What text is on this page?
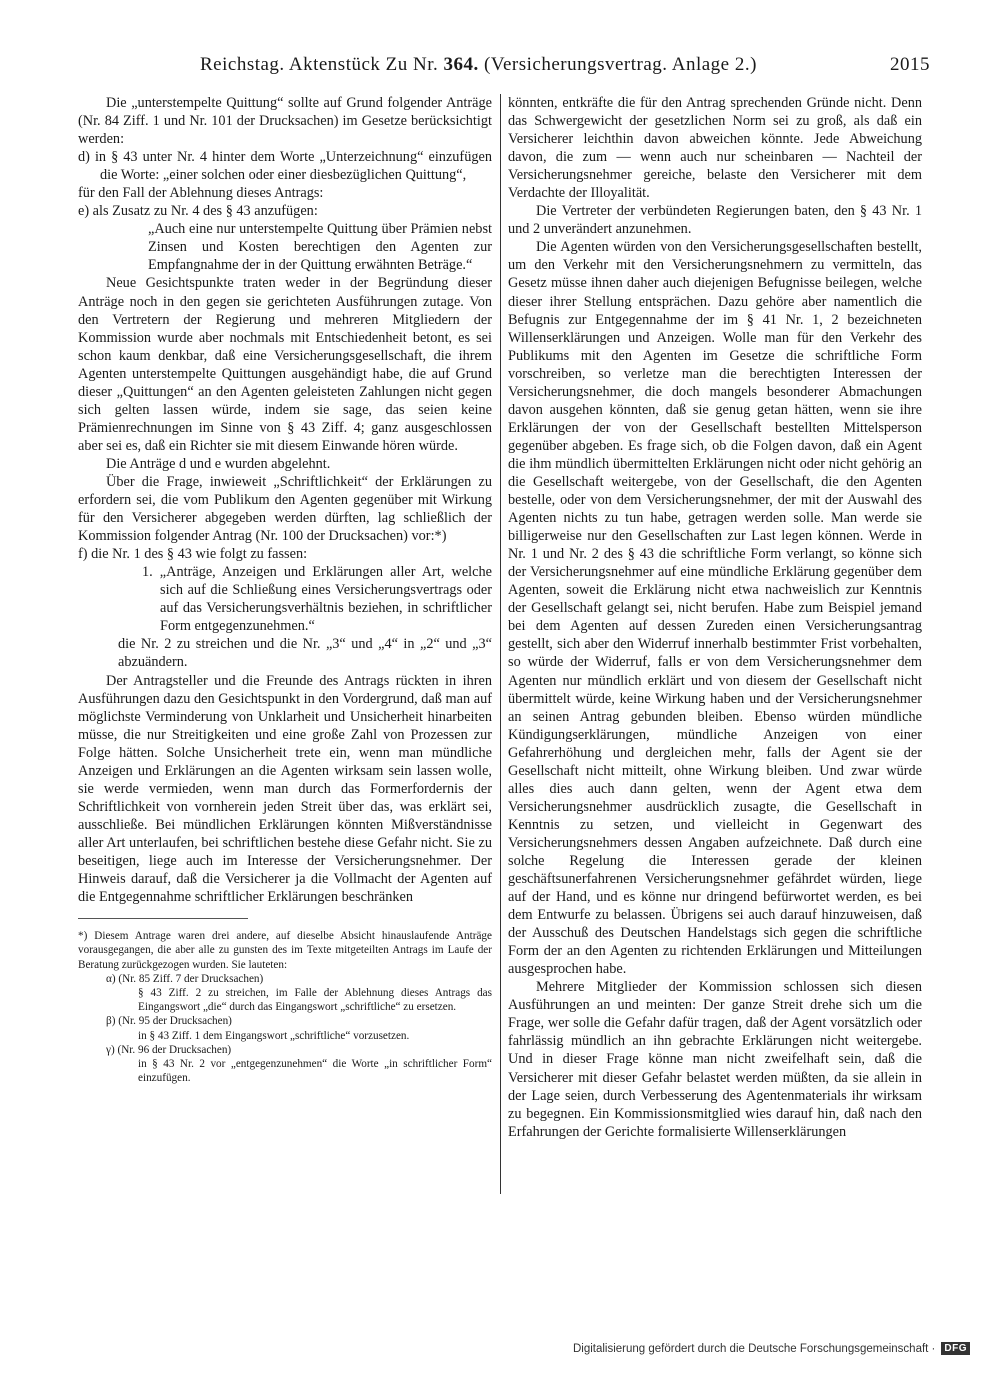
Reichstag. Aktenstück Zu Nr. 364. (Versicherungsvertrag. Anlage 2.)	2015

Die „unterstempelte Quittung“ sollte auf Grund folgender Anträge (Nr. 84 Ziff. 1 und Nr. 101 der Drucksachen) im Gesetze berücksichtigt werden:

d) in § 43 unter Nr. 4 hinter dem Worte „Unterzeichnung“ einzufügen die Worte: „einer solchen oder einer diesbezüglichen Quittung“,

für den Fall der Ablehnung dieses Antrags:

e) als Zusatz zu Nr. 4 des § 43 anzufügen:

„Auch eine nur unterstempelte Quittung über Prämien nebst Zinsen und Kosten berechtigen den Agenten zur Empfangnahme der in der Quittung erwähnten Beträge.“

Neue Gesichtspunkte traten weder in der Begründung dieser Anträge noch in den gegen sie gerichteten Ausführungen zutage. Von den Vertretern der Regierung und mehreren Mitgliedern der Kommission wurde aber nochmals mit Entschiedenheit betont, es sei schon kaum denkbar, daß eine Versicherungsgesellschaft, die ihrem Agenten unterstempelte Quittungen ausgehändigt habe, die auf Grund dieser „Quittungen“ an den Agenten geleisteten Zahlungen nicht gegen sich gelten lassen würde, indem sie sage, das seien keine Prämienrechnungen im Sinne von § 43 Ziff. 4; ganz ausgeschlossen aber sei es, daß ein Richter sie mit diesem Einwande hören würde.

Die Anträge d und e wurden abgelehnt.

Über die Frage, inwieweit „Schriftlichkeit“ der Erklärungen zu erfordern sei, die vom Publikum den Agenten gegenüber mit Wirkung für den Versicherer abgegeben werden dürften, lag schließlich der Kommission folgender Antrag (Nr. 100 der Drucksachen) vor:*)

f) die Nr. 1 des § 43 wie folgt zu fassen:

1. „Anträge, Anzeigen und Erklärungen aller Art, welche sich auf die Schließung eines Versicherungsvertrags oder auf das Versicherungsverhältnis beziehen, in schriftlicher Form entgegenzunehmen.“

die Nr. 2 zu streichen und die Nr. „3“ und „4“ in „2“ und „3“ abzuändern.

Der Antragsteller und die Freunde des Antrags rückten in ihren Ausführungen dazu den Gesichtspunkt in den Vordergrund, daß man auf möglichste Verminderung von Unklarheit und Unsicherheit hinarbeiten müsse, die nur Streitigkeiten und eine große Zahl von Prozessen zur Folge hätten. Solche Unsicherheit trete ein, wenn man mündliche Anzeigen und Erklärungen an die Agenten wirksam sein lassen wolle, sie werde vermieden, wenn man durch das Formerfordernis der Schriftlichkeit von vornherein jeden Streit über das, was erklärt sei, ausschließe. Bei mündlichen Erklärungen könnten Mißverständnisse aller Art unterlaufen, bei schriftlichen bestehe diese Gefahr nicht. Sie zu beseitigen, liege auch im Interesse der Versicherungsnehmer. Der Hinweis darauf, daß die Versicherer ja die Vollmacht der Agenten auf die Entgegennahme schriftlicher Erklärungen beschränken

*) Diesem Antrage waren drei andere, auf dieselbe Absicht hinauslaufende Anträge vorausgegangen, die aber alle zu gunsten des im Texte mitgeteilten Antrags im Laufe der Beratung zurückgezogen wurden. Sie lauteten:

α) (Nr. 85 Ziff. 7 der Drucksachen)

§ 43 Ziff. 2 zu streichen, im Falle der Ablehnung dieses Antrags das Eingangswort „die“ durch das Eingangswort „schriftliche“ zu ersetzen.

β) (Nr. 95 der Drucksachen)

in § 43 Ziff. 1 dem Eingangswort „schriftliche“ vorzusetzen.

γ) (Nr. 96 der Drucksachen)

in § 43 Nr. 2 vor „entgegenzunehmen“ die Worte „in schriftlicher Form“ einzufügen.

könnten, entkräfte die für den Antrag sprechenden Gründe nicht. Denn das Schwergewicht der gesetzlichen Norm sei zu groß, als daß ein Versicherer leichthin davon abweichen könnte. Jede Abweichung davon, die zum — wenn auch nur scheinbaren — Nachteil der Versicherungsnehmer gereiche, belaste den Versicherer mit dem Verdachte der Illoyalität.

Die Vertreter der verbündeten Regierungen baten, den § 43 Nr. 1 und 2 unverändert anzunehmen.

Die Agenten würden von den Versicherungsgesellschaften bestellt, um den Verkehr mit den Versicherungsnehmern zu vermitteln, das Gesetz müsse ihnen daher auch diejenigen Befugnisse beilegen, welche dieser ihrer Stellung entsprächen. Dazu gehöre aber namentlich die Befugnis zur Entgegennahme der im § 41 Nr. 1, 2 bezeichneten Willenserklärungen und Anzeigen. Wolle man für den Verkehr des Publikums mit den Agenten im Gesetze die schriftliche Form vorschreiben, so verletze man die berechtigten Interessen der Versicherungsnehmer, die doch mangels besonderer Abmachungen davon ausgehen könnten, daß sie genug getan hätten, wenn sie ihre Erklärungen der von der Gesellschaft bestellten Mittelsperson gegenüber abgeben. Es frage sich, ob die Folgen davon, daß ein Agent die ihm mündlich übermittelten Erklärungen nicht oder nicht gehörig an die Gesellschaft weitergebe, von der Gesellschaft, die den Agenten bestelle, oder von dem Versicherungsnehmer, der mit der Auswahl des Agenten nichts zu tun habe, getragen werden solle. Man werde sie billigerweise nur den Gesellschaften zur Last legen können. Werde in Nr. 1 und Nr. 2 des § 43 die schriftliche Form verlangt, so könne sich der Versicherungsnehmer auf eine mündliche Erklärung gegenüber dem Agenten, soweit die Erklärung nicht etwa nachweislich zur Kenntnis der Gesellschaft gelangt sei, nicht berufen. Habe zum Beispiel jemand bei dem Agenten auf dessen Zureden einen Versicherungsantrag gestellt, sich aber den Widerruf innerhalb bestimmter Frist vorbehalten, so würde der Widerruf, falls er von dem Versicherungsnehmer dem Agenten nur mündlich erklärt und von diesem der Gesellschaft nicht übermittelt würde, keine Wirkung haben und der Versicherungsnehmer an seinen Antrag gebunden bleiben. Ebenso würden mündliche Kündigungserklärungen, mündliche Anzeigen von einer Gefahrerhöhung und dergleichen mehr, falls der Agent sie der Gesellschaft nicht mitteilt, ohne Wirkung bleiben. Und zwar würde alles dies auch dann gelten, wenn der Agent etwa dem Versicherungsnehmer ausdrücklich zusagte, die Gesellschaft in Kenntnis zu setzen, und vielleicht in Gegenwart des Versicherungsnehmers dessen Angaben aufzeichnete. Daß durch eine solche Regelung die Interessen gerade der kleinen geschäftsunerfahrenen Versicherungsnehmer gefährdet würden, liege auf der Hand, und es könne nur dringend befürwortet werden, es bei dem Entwurfe zu belassen. Übrigens sei auch darauf hinzuweisen, daß der Ausschuß des Deutschen Handelstags sich gegen die schriftliche Form der an den Agenten zu richtenden Erklärungen und Mitteilungen ausgesprochen habe.

Mehrere Mitglieder der Kommission schlossen sich diesen Ausführungen an und meinten: Der ganze Streit drehe sich um die Frage, wer solle die Gefahr dafür tragen, daß der Agent vorsätzlich oder fahrlässig mündlich an ihn gebrachte Erklärungen nicht weitergebe. Und in dieser Frage könne man nicht zweifelhaft sein, daß die Versicherer mit dieser Gefahr belastet werden müßten, da sie allein in der Lage seien, durch Verbesserung des Agentenmaterials ihr wirksam zu begegnen. Ein Kommissionsmitglied wies darauf hin, daß nach den Erfahrungen der Gerichte formalisierte Willenserklärungen

Digitalisierung gefördert durch die Deutsche Forschungsgemeinschaft · DFG
